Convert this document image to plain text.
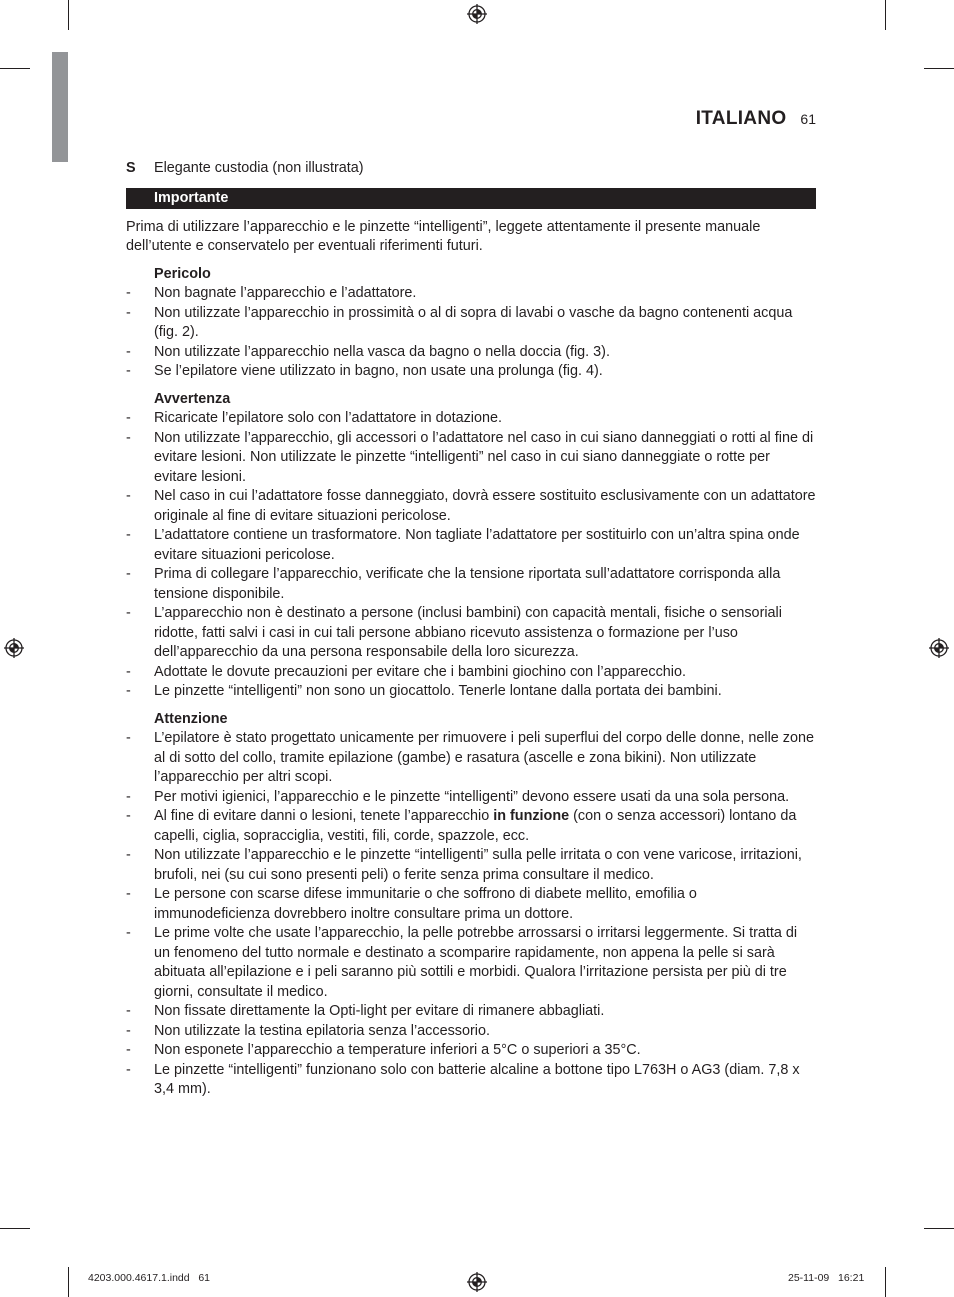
ITALIANO 61
S Elegante custodia (non illustrata)
Importante
Prima di utilizzare l’apparecchio e le pinzette “intelligenti”, leggete attentamente il presente manuale dell’utente e conservatelo per eventuali riferimenti futuri.
Pericolo
- Non bagnate l’apparecchio e l’adattatore.
- Non utilizzate l’apparecchio in prossimità o al di sopra di lavabi o vasche da bagno contenenti acqua (fig. 2).
- Non utilizzate l’apparecchio nella vasca da bagno o nella doccia (fig. 3).
- Se l’epilatore viene utilizzato in bagno, non usate una prolunga (fig. 4).
Avvertenza
- Ricaricate l’epilatore solo con l’adattatore in dotazione.
- Non utilizzate l’apparecchio, gli accessori o l’adattatore nel caso in cui siano danneggiati o rotti al fine di evitare lesioni. Non utilizzate le pinzette “intelligenti” nel caso in cui siano danneggiate o rotte per evitare lesioni.
- Nel caso in cui l’adattatore fosse danneggiato, dovrà essere sostituito esclusivamente con un adattatore originale al fine di evitare situazioni pericolose.
- L’adattatore contiene un trasformatore. Non tagliate l’adattatore per sostituirlo con un’altra spina onde evitare situazioni pericolose.
- Prima di collegare l’apparecchio, verificate che la tensione riportata sull’adattatore corrisponda alla tensione disponibile.
- L’apparecchio non è destinato a persone (inclusi bambini) con capacità mentali, fisiche o sensoriali ridotte, fatti salvi i casi in cui tali persone abbiano ricevuto assistenza o formazione per l’uso dell’apparecchio da una persona responsabile della loro sicurezza.
- Adottate le dovute precauzioni per evitare che i bambini giochino con l’apparecchio.
- Le pinzette “intelligenti” non sono un giocattolo. Tenerle lontane dalla portata dei bambini.
Attenzione
- L’epilatore è stato progettato unicamente per rimuovere i peli superflui del corpo delle donne, nelle zone al di sotto del collo, tramite epilazione (gambe) e rasatura (ascelle e zona bikini). Non utilizzate l’apparecchio per altri scopi.
- Per motivi igienici, l’apparecchio e le pinzette “intelligenti” devono essere usati da una sola persona.
- Al fine di evitare danni o lesioni, tenete l’apparecchio in funzione (con o senza accessori) lontano da capelli, ciglia, sopracciglia, vestiti, fili, corde, spazzole, ecc.
- Non utilizzate l’apparecchio e le pinzette “intelligenti” sulla pelle irritata o con vene varicose, irritazioni, brufoli, nei (su cui sono presenti peli) o ferite senza prima consultare il medico.
- Le persone con scarse difese immunitarie o che soffrono di diabete mellito, emofilia o immunodeficienza dovrebbero inoltre consultare prima un dottore.
- Le prime volte che usate l’apparecchio, la pelle potrebbe arrossarsi o irritarsi leggermente. Si tratta di un fenomeno del tutto normale e destinato a scomparire rapidamente, non appena la pelle si sarà abituata all’epilazione e i peli saranno più sottili e morbidi. Qualora l’irritazione persista per più di tre giorni, consultate il medico.
- Non fissate direttamente la Opti-light per evitare di rimanere abbagliati.
- Non utilizzate la testina epilatoria senza l’accessorio.
- Non esponete l’apparecchio a temperature inferiori a 5°C o superiori a 35°C.
- Le pinzette “intelligenti” funzionano solo con batterie alcaline a bottone tipo L763H o AG3 (diam. 7,8 x 3,4 mm).
4203.000.4617.1.indd   61	25-11-09   16:21
